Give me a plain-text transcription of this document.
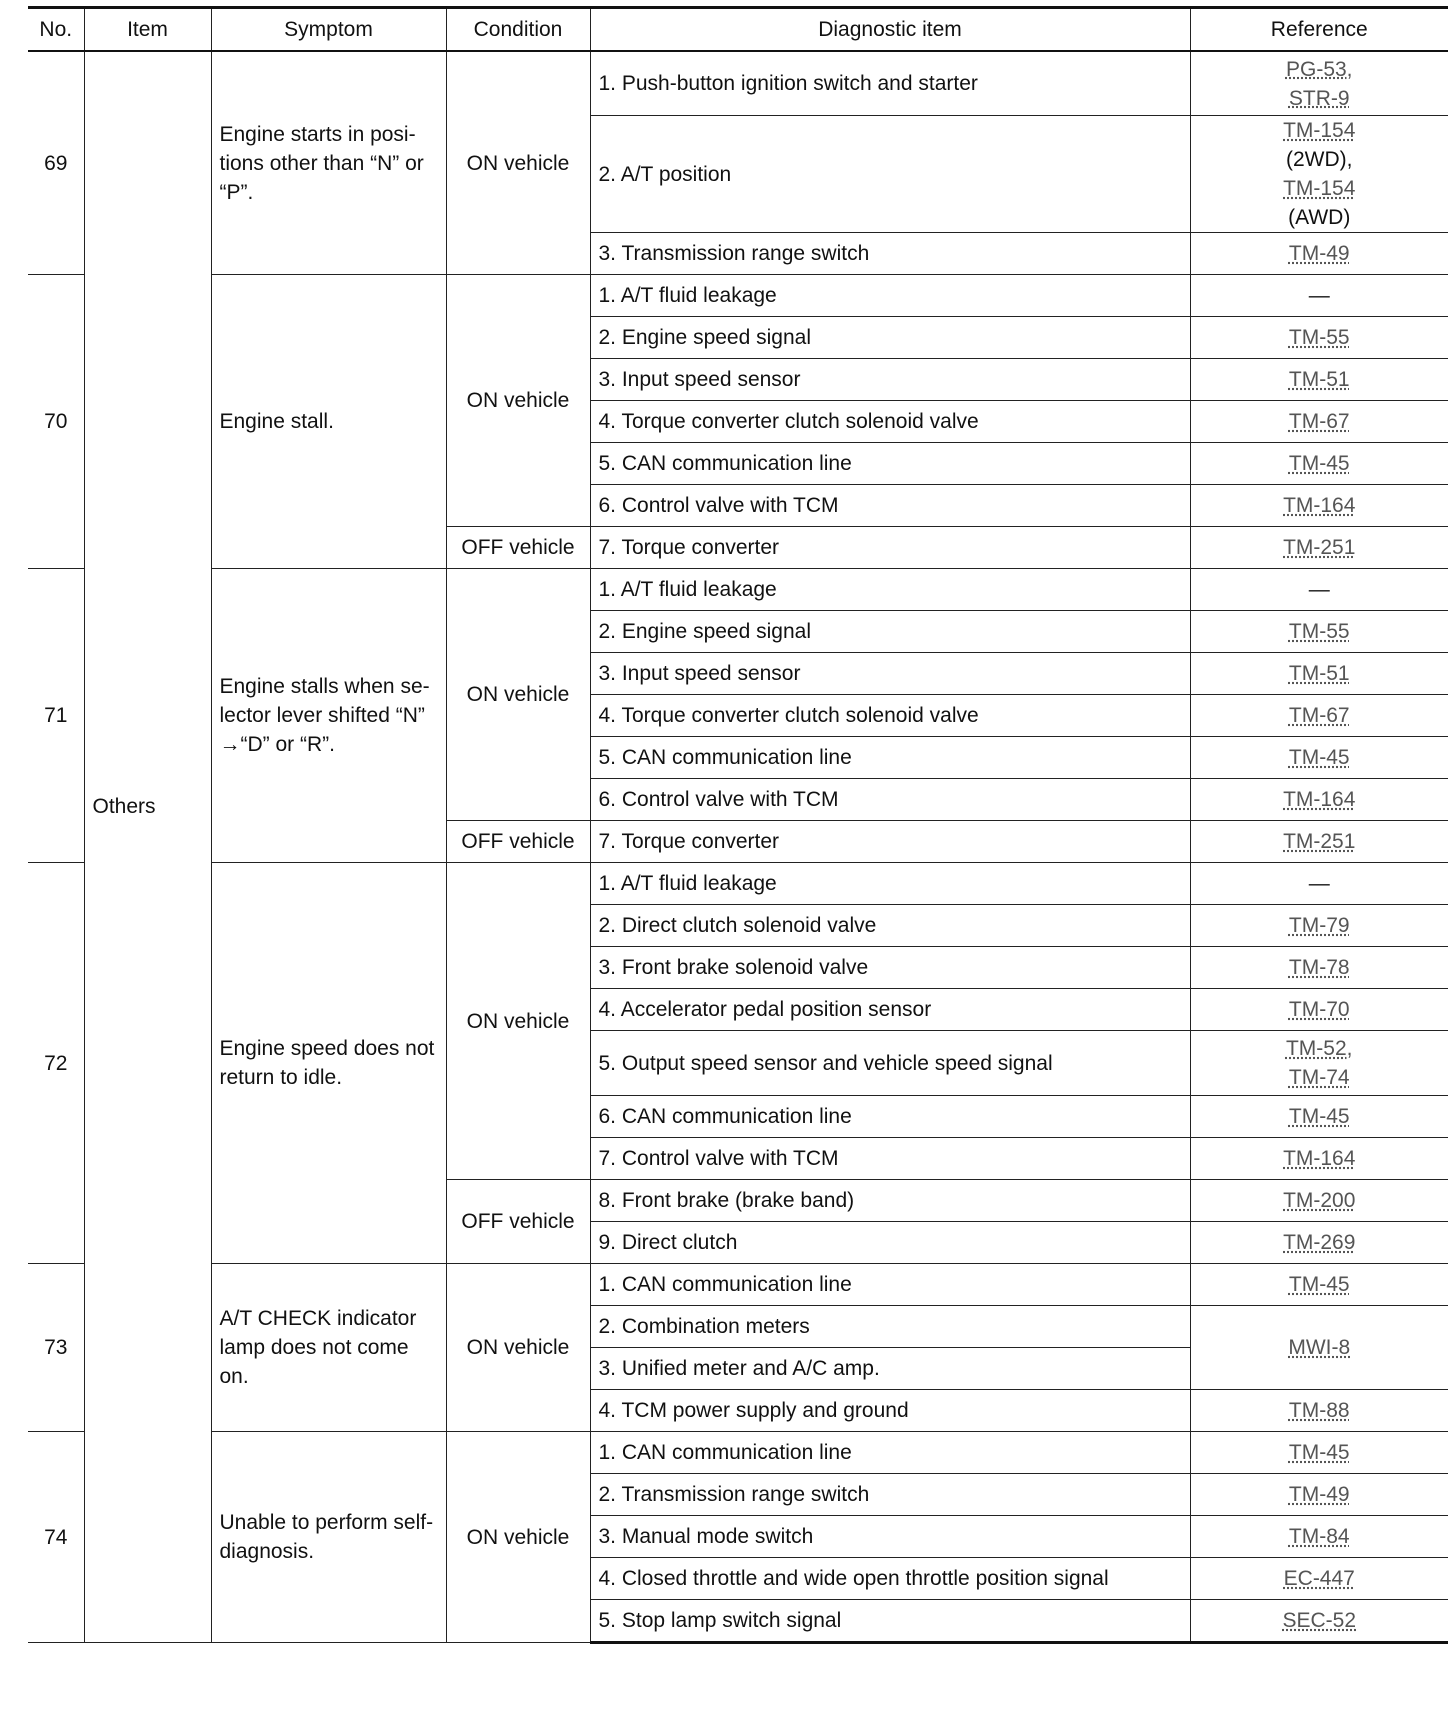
No.	Item	Symptom	Condition	Diagnostic item	Reference
69	Others	Engine starts in posi-tions other than “N” or “P”.	ON vehicle	1. Push-button ignition switch and starter	PG-53,
STR-9
				2. A/T position	TM-154
(2WD),
TM-154
(AWD)
				3. Transmission range switch	TM-49
70		Engine stall.	ON vehicle	1. A/T fluid leakage	—
				2. Engine speed signal	TM-55
				3. Input speed sensor	TM-51
				4. Torque converter clutch solenoid valve	TM-67
				5. CAN communication line	TM-45
				6. Control valve with TCM	TM-164
			OFF vehicle	7. Torque converter	TM-251
71		Engine stalls when se-lector lever shifted “N” →“D” or “R”.	ON vehicle	1. A/T fluid leakage	—
				2. Engine speed signal	TM-55
				3. Input speed sensor	TM-51
				4. Torque converter clutch solenoid valve	TM-67
				5. CAN communication line	TM-45
				6. Control valve with TCM	TM-164
			OFF vehicle	7. Torque converter	TM-251
72		Engine speed does not return to idle.	ON vehicle	1. A/T fluid leakage	—
				2. Direct clutch solenoid valve	TM-79
				3. Front brake solenoid valve	TM-78
				4. Accelerator pedal position sensor	TM-70
				5. Output speed sensor and vehicle speed signal	TM-52,
TM-74
				6. CAN communication line	TM-45
				7. Control valve with TCM	TM-164
			OFF vehicle	8. Front brake (brake band)	TM-200
				9. Direct clutch	TM-269
73		A/T CHECK indicator lamp does not come on.	ON vehicle	1. CAN communication line	TM-45
				2. Combination meters	MWI-8
				3. Unified meter and A/C amp.	
				4. TCM power supply and ground	TM-88
74		Unable to perform self-diagnosis.	ON vehicle	1. CAN communication line	TM-45
				2. Transmission range switch	TM-49
				3. Manual mode switch	TM-84
				4. Closed throttle and wide open throttle position signal	EC-447
				5. Stop lamp switch signal	SEC-52
